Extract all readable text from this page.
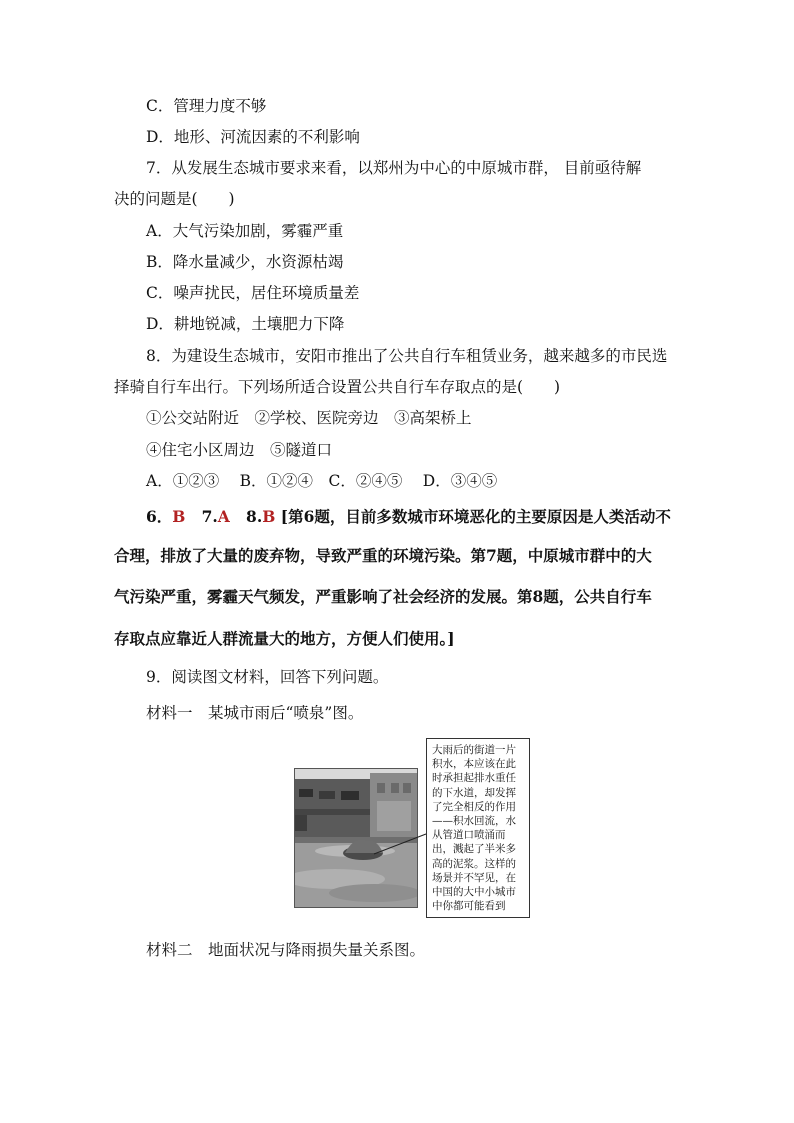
C．管理力度不够
D．地形、河流因素的不利影响
7．从发展生态城市要求来看，以郑州为中心的中原城市群， 目前亟待解
决的问题是(　　)
A．大气污染加剧，雾霾严重
B．降水量减少，水资源枯竭
C．噪声扰民，居住环境质量差
D．耕地锐减，土壤肥力下降
8．为建设生态城市，安阳市推出了公共自行车租赁业务，越来越多的市民选
择骑自行车出行。下列场所适合设置公共自行车存取点的是(　　)
①公交站附近　②学校、医院旁边　③高架桥上
④住宅小区周边　⑤隧道口
A．①②③　 B．①②④　C．②④⑤　 D．③④⑤
6．B 7.A 8.B [第6题，目前多数城市环境恶化的主要原因是人类活动不
合理，排放了大量的废弃物，导致严重的环境污染。第7题，中原城市群中的大
气污染严重，雾霾天气频发，严重影响了社会经济的发展。第8题，公共自行车
存取点应靠近人群流量大的地方，方便人们使用。]
9．阅读图文材料，回答下列问题。
材料一　某城市雨后“喷泉”图。
大雨后的街道一片积水，本应该在此时承担起排水重任的下水道，却发挥了完全相反的作用——积水回流，水从管道口喷涌而出，溅起了半米多高的泥浆。这样的场景并不罕见，在中国的大中小城市中你都可能看到
材料二　地面状况与降雨损失量关系图。
